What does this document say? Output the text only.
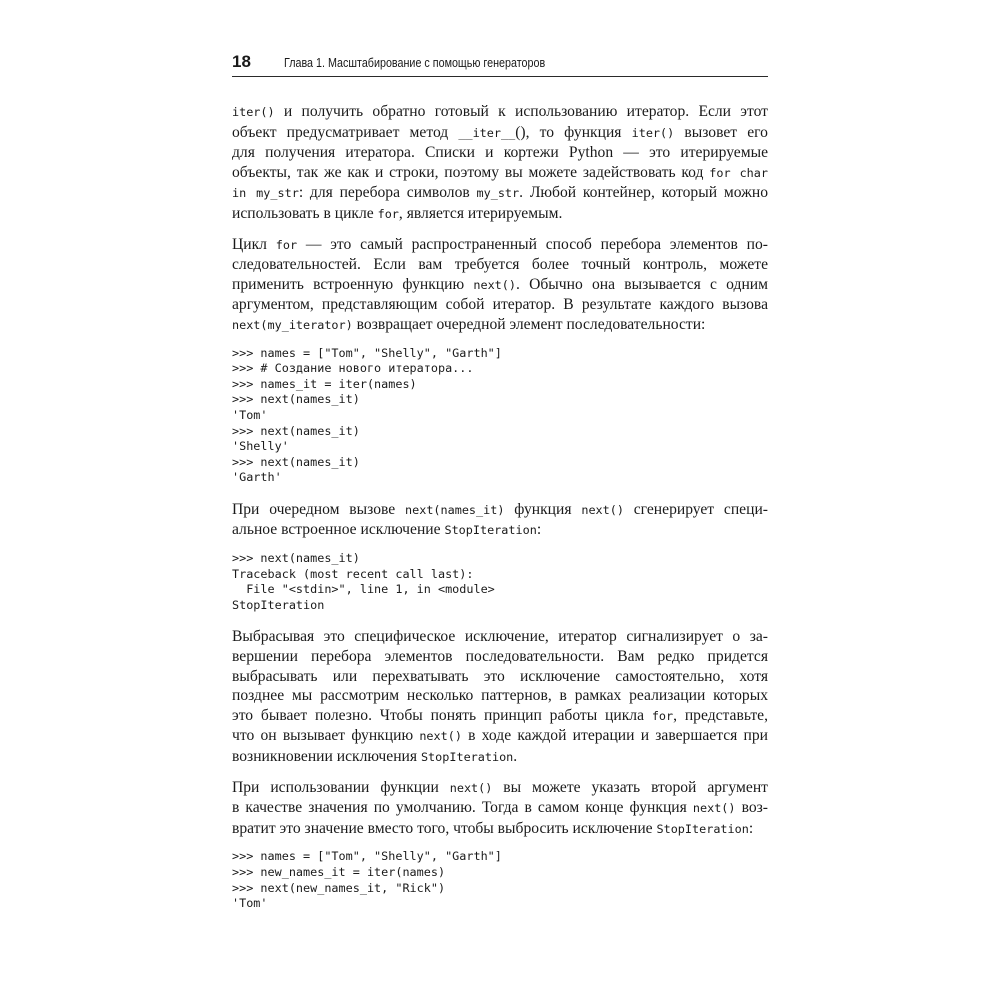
18	Глава 1. Масштабирование с помощью генераторов
iter() и получить обратно готовый к использованию итератор. Если этот
объект предусматривает метод __iter__(), то функция iter() вызовет его
для получения итератора. Списки и кортежи Python — это итерируемые
объекты, так же как и строки, поэтому вы можете задействовать код for char
in my_str: для перебора символов my_str. Любой контейнер, который можно
использовать в цикле for, является итерируемым.
Цикл for — это самый распространенный способ перебора элементов по-
следовательностей. Если вам требуется более точный контроль, можете
применить встроенную функцию next(). Обычно она вызывается с одним
аргументом, представляющим собой итератор. В результате каждого вызова
next(my_iterator) возвращает очередной элемент последовательности:
>>> names = ["Tom", "Shelly", "Garth"]
>>> # Создание нового итератора...
>>> names_it = iter(names)
>>> next(names_it)
'Tom'
>>> next(names_it)
'Shelly'
>>> next(names_it)
'Garth'
При очередном вызове next(names_it) функция next() сгенерирует специ-
альное встроенное исключение StopIteration:
>>> next(names_it)
Traceback (most recent call last):
File "<stdin>", line 1, in <module>
StopIteration
Выбрасывая это специфическое исключение, итератор сигнализирует о за-
вершении перебора элементов последовательности. Вам редко придется
выбрасывать или перехватывать это исключение самостоятельно, хотя
позднее мы рассмотрим несколько паттернов, в рамках реализации которых
это бывает полезно. Чтобы понять принцип работы цикла for, представьте,
что он вызывает функцию next() в ходе каждой итерации и завершается при
возникновении исключения StopIteration.
При использовании функции next() вы можете указать второй аргумент
в качестве значения по умолчанию. Тогда в самом конце функция next() воз-
вратит это значение вместо того, чтобы выбросить исключение StopIteration:
>>> names = ["Tom", "Shelly", "Garth"]
>>> new_names_it = iter(names)
>>> next(new_names_it, "Rick")
'Tom'
